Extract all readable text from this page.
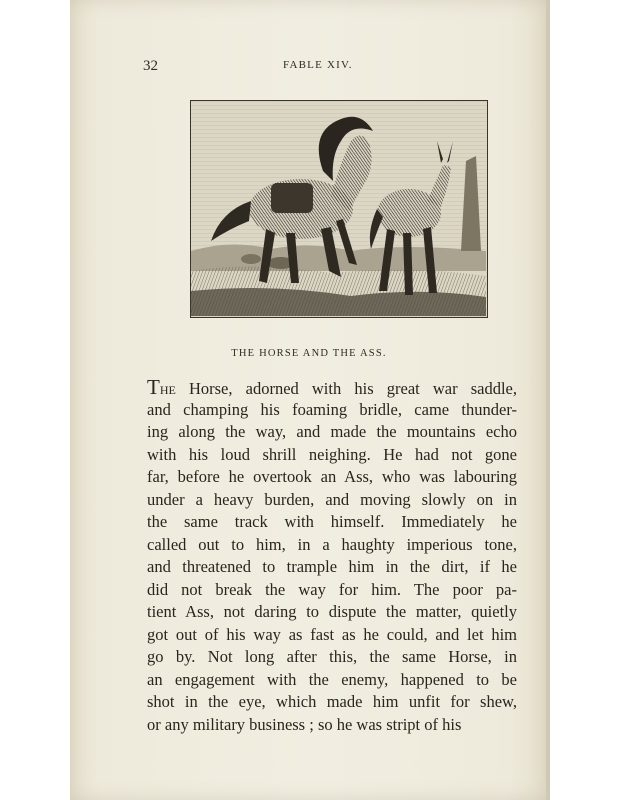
32	FABLE XIV.
THE HORSE AND THE ASS.
The Horse, adorned with his great war saddle,
and champing his foaming bridle, came thunder-
ing along the way, and made the mountains echo
with his loud shrill neighing. He had not gone
far, before he overtook an Ass, who was labouring
under a heavy burden, and moving slowly on in
the same track with himself. Immediately he
called out to him, in a haughty imperious tone,
and threatened to trample him in the dirt, if he
did not break the way for him. The poor pa-
tient Ass, not daring to dispute the matter, quietly
got out of his way as fast as he could, and let him
go by. Not long after this, the same Horse, in
an engagement with the enemy, happened to be
shot in the eye, which made him unfit for shew,
or any military business ; so he was stript of his
